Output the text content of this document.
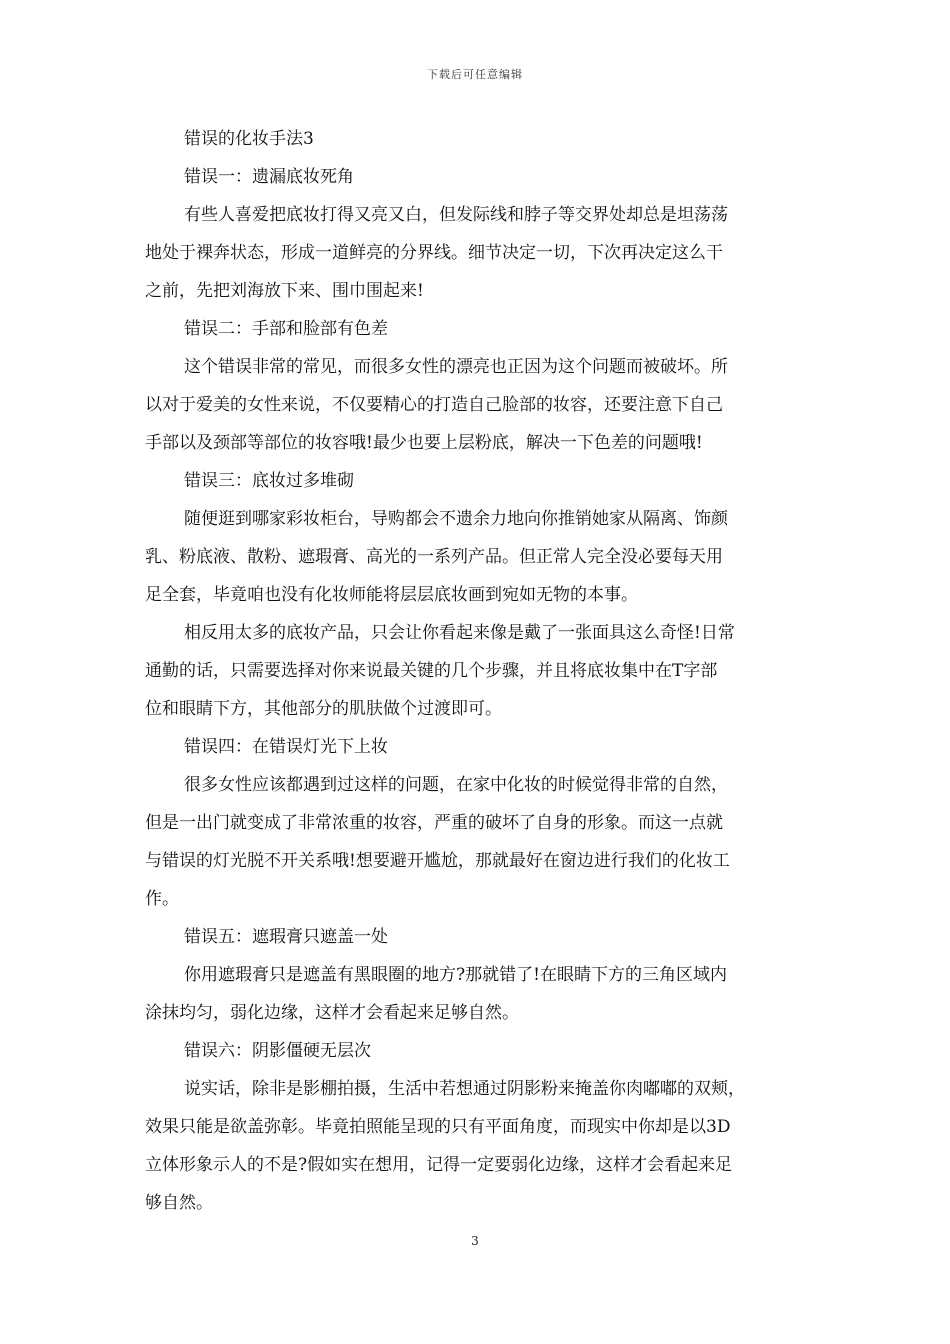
下载后可任意编辑
错误的化妆手法3
错误一：遗漏底妆死角
有些人喜爱把底妆打得又亮又白，但发际线和脖子等交界处却总是坦荡荡
地处于裸奔状态，形成一道鲜亮的分界线。细节决定一切，下次再决定这么干
之前，先把刘海放下来、围巾围起来!
错误二：手部和脸部有色差
这个错误非常的常见，而很多女性的漂亮也正因为这个问题而被破坏。所
以对于爱美的女性来说，不仅要精心的打造自己脸部的妆容，还要注意下自己
手部以及颈部等部位的妆容哦!最少也要上层粉底，解决一下色差的问题哦!
错误三：底妆过多堆砌
随便逛到哪家彩妆柜台，导购都会不遗余力地向你推销她家从隔离、饰颜
乳、粉底液、散粉、遮瑕膏、高光的一系列产品。但正常人完全没必要每天用
足全套，毕竟咱也没有化妆师能将层层底妆画到宛如无物的本事。
相反用太多的底妆产品，只会让你看起来像是戴了一张面具这么奇怪!日常
通勤的话，只需要选择对你来说最关键的几个步骤，并且将底妆集中在T字部
位和眼睛下方，其他部分的肌肤做个过渡即可。
错误四：在错误灯光下上妆
很多女性应该都遇到过这样的问题，在家中化妆的时候觉得非常的自然，
但是一出门就变成了非常浓重的妆容，严重的破坏了自身的形象。而这一点就
与错误的灯光脱不开关系哦!想要避开尴尬，那就最好在窗边进行我们的化妆工
作。
错误五：遮瑕膏只遮盖一处
你用遮瑕膏只是遮盖有黑眼圈的地方?那就错了!在眼睛下方的三角区域内
涂抹均匀，弱化边缘，这样才会看起来足够自然。
错误六：阴影僵硬无层次
说实话，除非是影棚拍摄，生活中若想通过阴影粉来掩盖你肉嘟嘟的双颊，
效果只能是欲盖弥彰。毕竟拍照能呈现的只有平面角度，而现实中你却是以3D
立体形象示人的不是?假如实在想用，记得一定要弱化边缘，这样才会看起来足
够自然。
3
